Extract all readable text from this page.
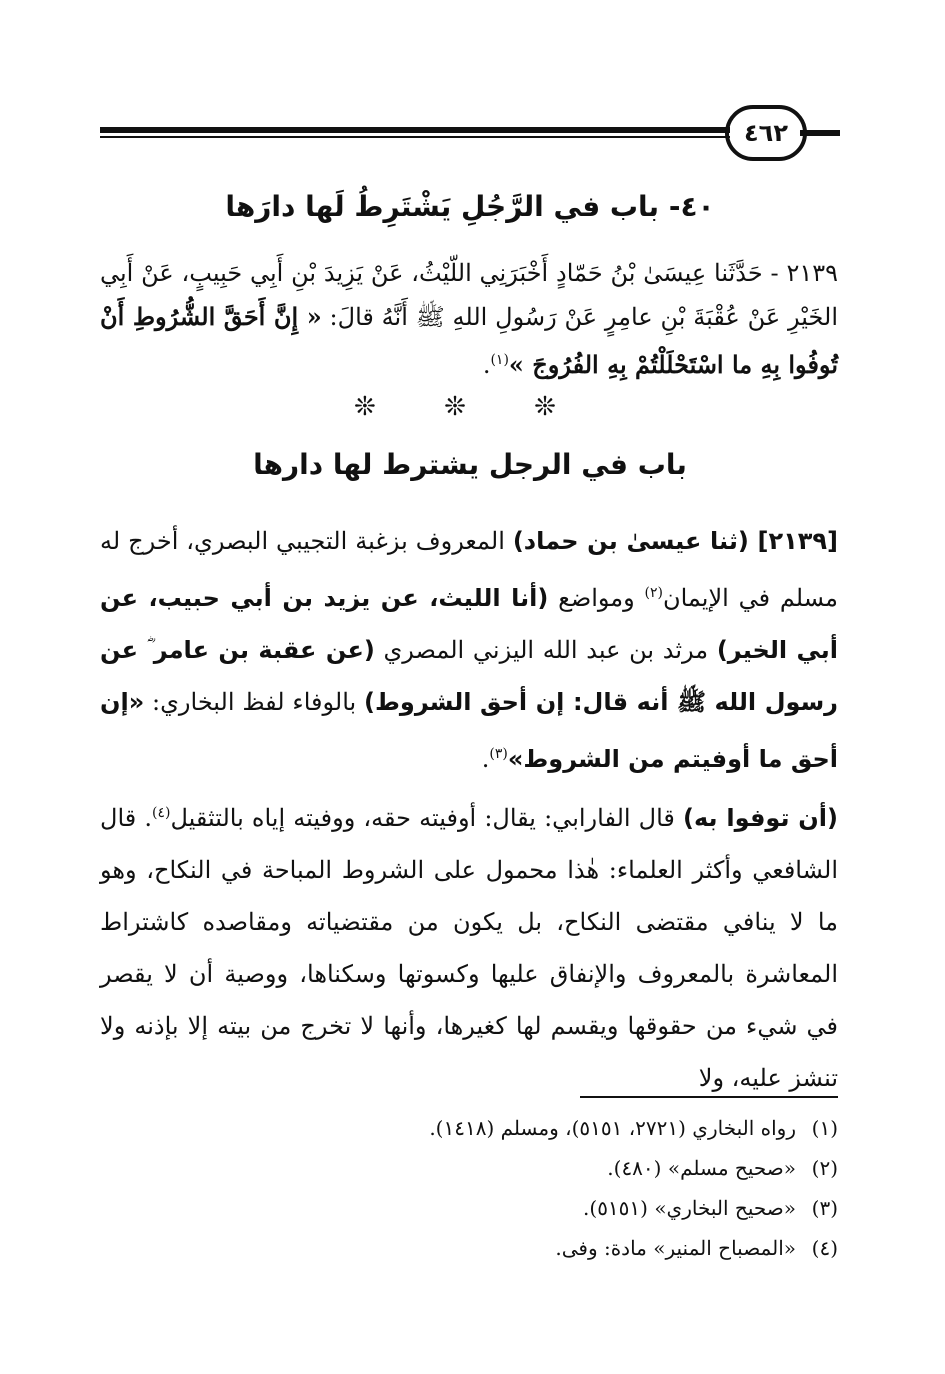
٤٦٢
٤٠- باب في الرَّجُلِ يَشْتَرِطُ لَها دارَها
٢١٣٩ - حَدَّثَنا عِيسَىٰ بْنُ حَمّادٍ أَخْبَرَنِي اللّيْثُ، عَنْ يَزِيدَ بْنِ أَبِي حَبِيبٍ، عَنْ أَبِي الخَيْرِ عَنْ عُقْبَةَ بْنِ عامِرٍ عَنْ رَسُولِ اللهِ ﷺ أَنَّهُ قالَ: « إِنَّ أَحَقَّ الشُّرُوطِ أَنْ تُوفُوا بِهِ ما اسْتَحْلَلْتُمْ بِهِ الفُرُوجَ »$^{(١)}$.
❊ ❊ ❊
باب في الرجل يشترط لها دارها

[٢١٣٩] (ثنا عيسىٰ بن حماد) المعروف بزغبة التجيبي البصري، أخرج له مسلم في الإيمان$^{(٢)}$ ومواضع (أنا الليث، عن يزيد بن أبي حبيب، عن أبي الخير) مرثد بن عبد الله اليزني المصري (عن عقبة بن عامر ؓ عن رسول الله ﷺ أنه قال: إن أحق الشروط) بالوفاء لفظ البخاري: «إن أحق ما أوفيتم من الشروط»$^{(٣)}$.

(أن توفوا به) قال الفارابي: يقال: أوفيته حقه، ووفيته إياه بالتثقيل$^{(٤)}$. قال الشافعي وأكثر العلماء: هٰذا محمول على الشروط المباحة في النكاح، وهو ما لا ينافي مقتضى النكاح، بل يكون من مقتضياته ومقاصده كاشتراط المعاشرة بالمعروف والإنفاق عليها وكسوتها وسكناها، ووصية أن لا يقصر في شيء من حقوقها ويقسم لها كغيرها، وأنها لا تخرج من بيته إلا بإذنه ولا تنشز عليه، ولا

(١)رواه البخاري (٢٧٢١، ٥١٥١)، ومسلم (١٤١٨).
(٢)«صحيح مسلم» (٤٨٠).
(٣)«صحيح البخاري» (٥١٥١).
(٤)«المصباح المنير» مادة: وفى.
